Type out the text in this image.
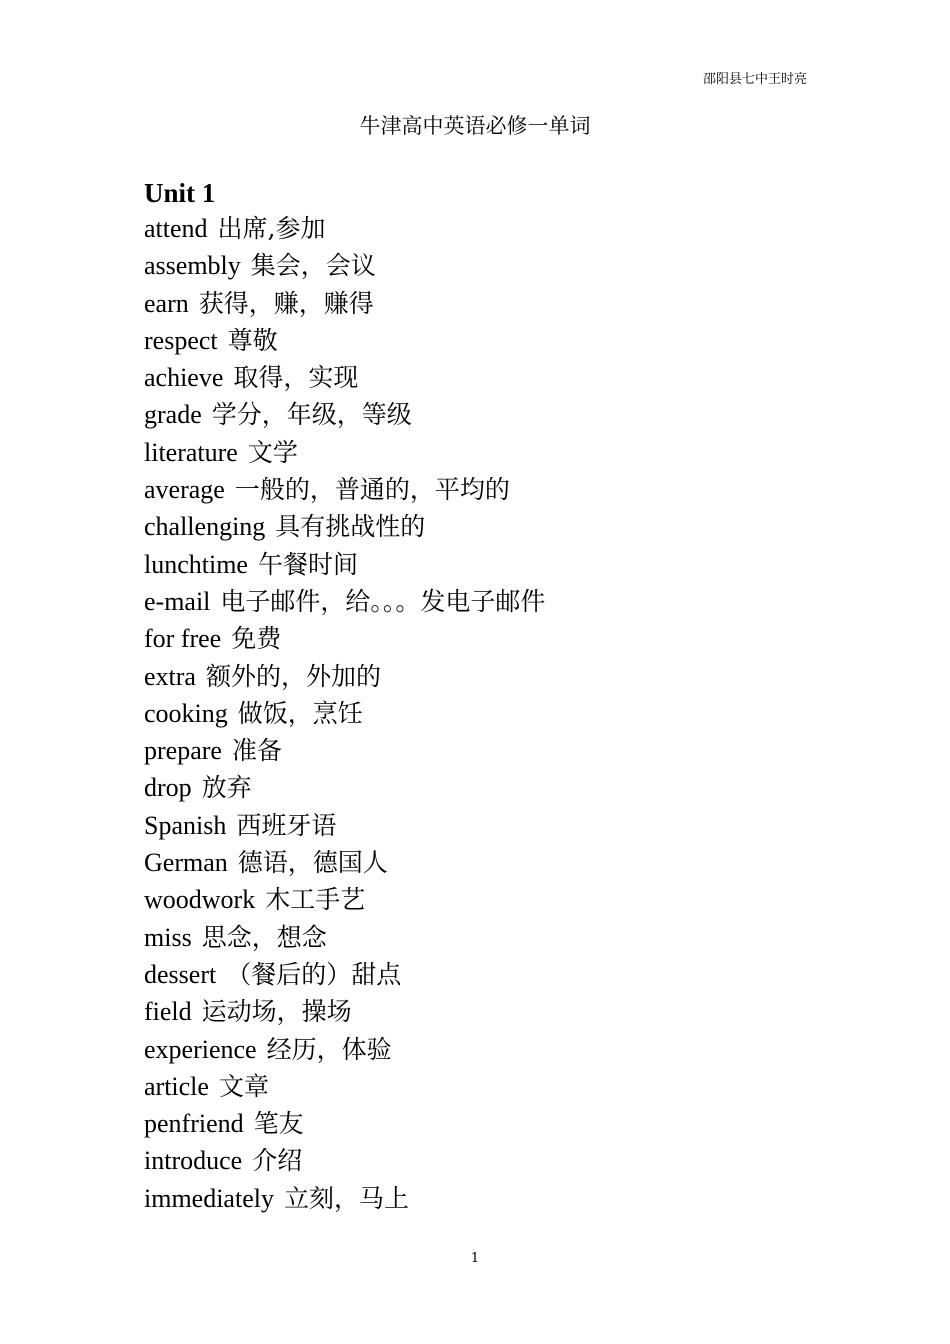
邵阳县七中王时亮
牛津高中英语必修一单词
Unit 1
attend 出席,参加
assembly 集会，会议
earn 获得，赚，赚得
respect 尊敬
achieve 取得，实现
grade 学分，年级，等级
literature 文学
average 一般的，普通的，平均的
challenging 具有挑战性的
lunchtime 午餐时间
e-mail 电子邮件，给。。。发电子邮件
for free 免费
extra 额外的，外加的
cooking 做饭，烹饪
prepare 准备
drop 放弃
Spanish 西班牙语
German 德语，德国人
woodwork 木工手艺
miss 思念，想念
dessert （餐后的）甜点
field 运动场，操场
experience 经历，体验
article 文章
penfriend 笔友
introduce 介绍
immediately 立刻，马上
1
